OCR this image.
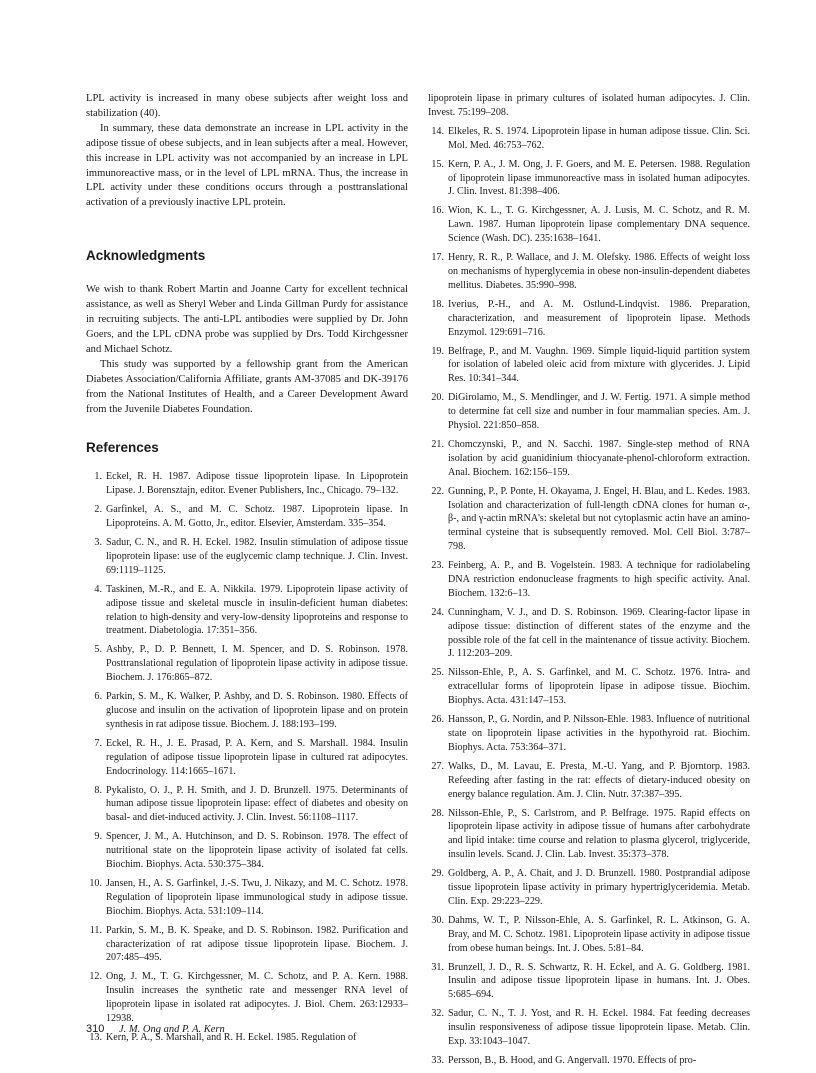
LPL activity is increased in many obese subjects after weight loss and stabilization (40).

In summary, these data demonstrate an increase in LPL activity in the adipose tissue of obese subjects, and in lean subjects after a meal. However, this increase in LPL activity was not accompanied by an increase in LPL immunoreactive mass, or in the level of LPL mRNA. Thus, the increase in LPL activity under these conditions occurs through a posttranslational activation of a previously inactive LPL protein.

Acknowledgments

We wish to thank Robert Martin and Joanne Carty for excellent technical assistance, as well as Sheryl Weber and Linda Gillman Purdy for assistance in recruiting subjects. The anti-LPL antibodies were supplied by Dr. John Goers, and the LPL cDNA probe was supplied by Drs. Todd Kirchgessner and Michael Schotz.

This study was supported by a fellowship grant from the American Diabetes Association/California Affiliate, grants AM-37085 and DK-39176 from the National Institutes of Health, and a Career Development Award from the Juvenile Diabetes Foundation.

References
1. Eckel, R. H. 1987. Adipose tissue lipoprotein lipase. In Lipoprotein Lipase. J. Borensztajn, editor. Evener Publishers, Inc., Chicago. 79–132.
2. Garfinkel, A. S., and M. C. Schotz. 1987. Lipoprotein lipase. In Lipoproteins. A. M. Gotto, Jr., editor. Elsevier, Amsterdam. 335–354.
3. Sadur, C. N., and R. H. Eckel. 1982. Insulin stimulation of adipose tissue lipoprotein lipase: use of the euglycemic clamp technique. J. Clin. Invest. 69:1119–1125.
4. Taskinen, M.-R., and E. A. Nikkila. 1979. Lipoprotein lipase activity of adipose tissue and skeletal muscle in insulin-deficient human diabetes: relation to high-density and very-low-density lipoproteins and response to treatment. Diabetologia. 17:351–356.
5. Ashby, P., D. P. Bennett, I. M. Spencer, and D. S. Robinson. 1978. Posttranslational regulation of lipoprotein lipase activity in adipose tissue. Biochem. J. 176:865–872.
6. Parkin, S. M., K. Walker, P. Ashby, and D. S. Robinson. 1980. Effects of glucose and insulin on the activation of lipoprotein lipase and on protein synthesis in rat adipose tissue. Biochem. J. 188:193–199.
7. Eckel, R. H., J. E. Prasad, P. A. Kern, and S. Marshall. 1984. Insulin regulation of adipose tissue lipoprotein lipase in cultured rat adipocytes. Endocrinology. 114:1665–1671.
8. Pykalisto, O. J., P. H. Smith, and J. D. Brunzell. 1975. Determinants of human adipose tissue lipoprotein lipase: effect of diabetes and obesity on basal- and diet-induced activity. J. Clin. Invest. 56:1108–1117.
9. Spencer, J. M., A. Hutchinson, and D. S. Robinson. 1978. The effect of nutritional state on the lipoprotein lipase activity of isolated fat cells. Biochim. Biophys. Acta. 530:375–384.
10. Jansen, H., A. S. Garfinkel, J.-S. Twu, J. Nikazy, and M. C. Schotz. 1978. Regulation of lipoprotein lipase immunological study in adipose tissue. Biochim. Biophys. Acta. 531:109–114.
11. Parkin, S. M., B. K. Speake, and D. S. Robinson. 1982. Purification and characterization of rat adipose tissue lipoprotein lipase. Biochem. J. 207:485–495.
12. Ong, J. M., T. G. Kirchgessner, M. C. Schotz, and P. A. Kern. 1988. Insulin increases the synthetic rate and messenger RNA level of lipoprotein lipase in isolated rat adipocytes. J. Biol. Chem. 263:12933–12938.
13. Kern, P. A., S. Marshall, and R. H. Eckel. 1985. Regulation of
lipoprotein lipase in primary cultures of isolated human adipocytes. J. Clin. Invest. 75:199–208.
14. Elkeles, R. S. 1974. Lipoprotein lipase in human adipose tissue. Clin. Sci. Mol. Med. 46:753–762.
15. Kern, P. A., J. M. Ong, J. F. Goers, and M. E. Petersen. 1988. Regulation of lipoprotein lipase immunoreactive mass in isolated human adipocytes. J. Clin. Invest. 81:398–406.
16. Wion, K. L., T. G. Kirchgessner, A. J. Lusis, M. C. Schotz, and R. M. Lawn. 1987. Human lipoprotein lipase complementary DNA sequence. Science (Wash. DC). 235:1638–1641.
17. Henry, R. R., P. Wallace, and J. M. Olefsky. 1986. Effects of weight loss on mechanisms of hyperglycemia in obese non-insulin-dependent diabetes mellitus. Diabetes. 35:990–998.
18. Iverius, P.-H., and A. M. Ostlund-Lindqvist. 1986. Preparation, characterization, and measurement of lipoprotein lipase. Methods Enzymol. 129:691–716.
19. Belfrage, P., and M. Vaughn. 1969. Simple liquid-liquid partition system for isolation of labeled oleic acid from mixture with glycerides. J. Lipid Res. 10:341–344.
20. DiGirolamo, M., S. Mendlinger, and J. W. Fertig. 1971. A simple method to determine fat cell size and number in four mammalian species. Am. J. Physiol. 221:850–858.
21. Chomczynski, P., and N. Sacchi. 1987. Single-step method of RNA isolation by acid guanidinium thiocyanate-phenol-chloroform extraction. Anal. Biochem. 162:156–159.
22. Gunning, P., P. Ponte, H. Okayama, J. Engel, H. Blau, and L. Kedes. 1983. Isolation and characterization of full-length cDNA clones for human α-, β-, and γ-actin mRNA's: skeletal but not cytoplasmic actin have an amino-terminal cysteine that is subsequently removed. Mol. Cell Biol. 3:787–798.
23. Feinberg, A. P., and B. Vogelstein. 1983. A technique for radiolabeling DNA restriction endonuclease fragments to high specific activity. Anal. Biochem. 132:6–13.
24. Cunningham, V. J., and D. S. Robinson. 1969. Clearing-factor lipase in adipose tissue: distinction of different states of the enzyme and the possible role of the fat cell in the maintenance of tissue activity. Biochem. J. 112:203–209.
25. Nilsson-Ehle, P., A. S. Garfinkel, and M. C. Schotz. 1976. Intra- and extracellular forms of lipoprotein lipase in adipose tissue. Biochim. Biophys. Acta. 431:147–153.
26. Hansson, P., G. Nordin, and P. Nilsson-Ehle. 1983. Influence of nutritional state on lipoprotein lipase activities in the hypothyroid rat. Biochim. Biophys. Acta. 753:364–371.
27. Walks, D., M. Lavau, E. Presta, M.-U. Yang, and P. Bjorntorp. 1983. Refeeding after fasting in the rat: effects of dietary-induced obesity on energy balance regulation. Am. J. Clin. Nutr. 37:387–395.
28. Nilsson-Ehle, P., S. Carlstrom, and P. Belfrage. 1975. Rapid effects on lipoprotein lipase activity in adipose tissue of humans after carbohydrate and lipid intake: time course and relation to plasma glycerol, triglyceride, insulin levels. Scand. J. Clin. Lab. Invest. 35:373–378.
29. Goldberg, A. P., A. Chait, and J. D. Brunzell. 1980. Postprandial adipose tissue lipoprotein lipase activity in primary hypertriglyceridemia. Metab. Clin. Exp. 29:223–229.
30. Dahms, W. T., P. Nilsson-Ehle, A. S. Garfinkel, R. L. Atkinson, G. A. Bray, and M. C. Schotz. 1981. Lipoprotein lipase activity in adipose tissue from obese human beings. Int. J. Obes. 5:81–84.
31. Brunzell, J. D., R. S. Schwartz, R. H. Eckel, and A. G. Goldberg. 1981. Insulin and adipose tissue lipoprotein lipase in humans. Int. J. Obes. 5:685–694.
32. Sadur, C. N., T. J. Yost, and R. H. Eckel. 1984. Fat feeding decreases insulin responsiveness of adipose tissue lipoprotein lipase. Metab. Clin. Exp. 33:1043–1047.
33. Persson, B., B. Hood, and G. Angervall. 1970. Effects of pro-
310 J. M. Ong and P. A. Kern
